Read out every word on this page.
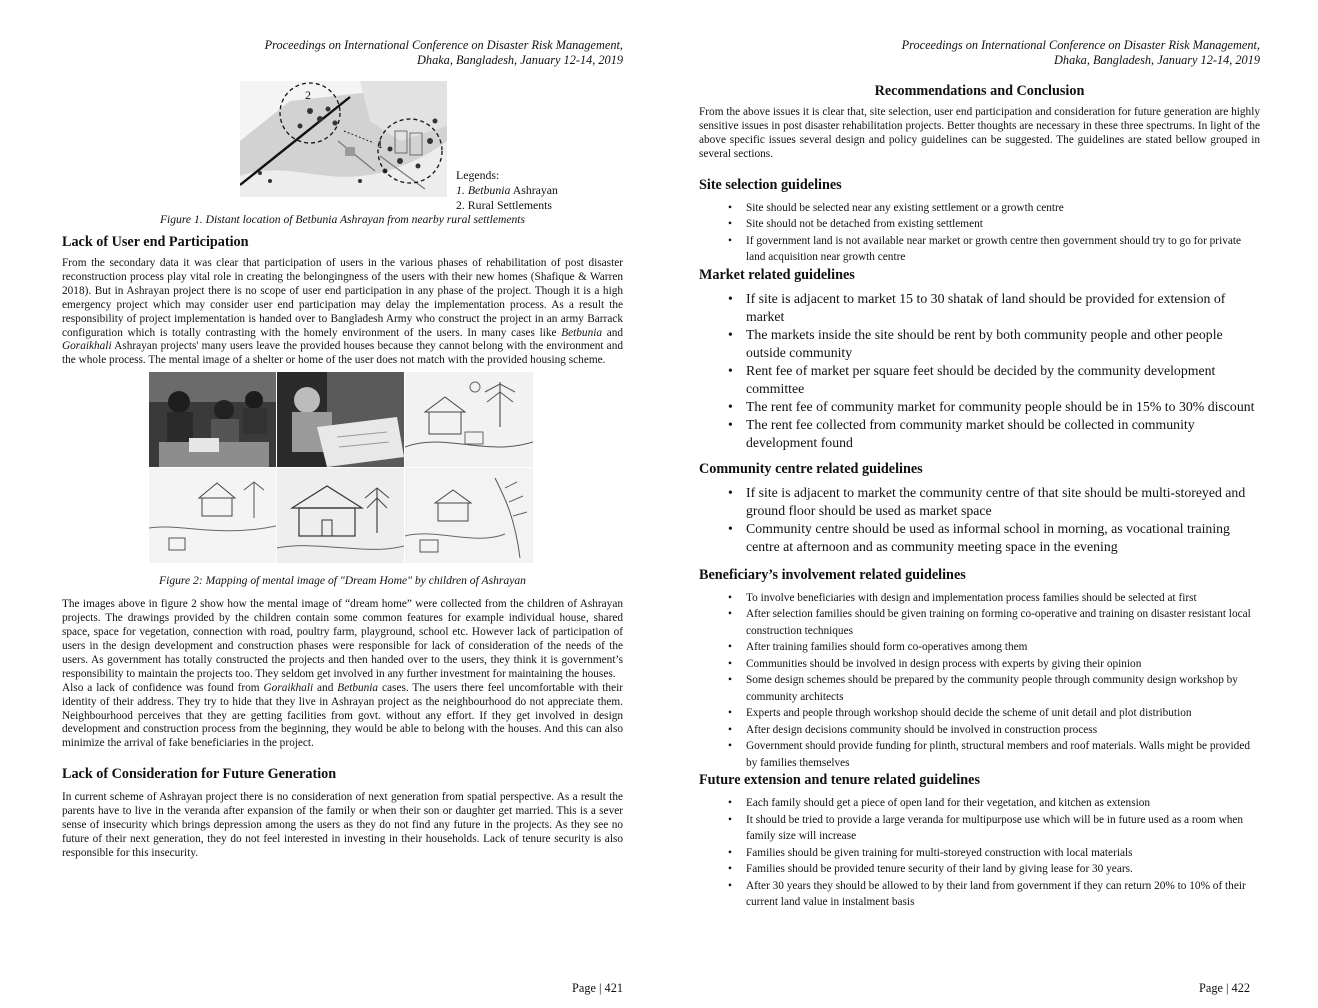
Proceedings on International Conference on Disaster Risk Management,
Dhaka, Bangladesh, January 12-14, 2019
2
1
Legends:
1. Betbunia Ashrayan
2. Rural Settlements
Figure 1. Distant location of Betbunia Ashrayan from nearby rural settlements
Lack of User end Participation

From the secondary data it was clear that participation of users in the various phases of rehabilitation of post disaster reconstruction process play vital role in creating the belongingness of the users with their new homes (Shafique & Warren 2018). But in Ashrayan project there is no scope of user end participation in any phase of the project. Though it is a high emergency project which may consider user end participation may delay the implementation process. As a result the responsibility of project implementation is handed over to Bangladesh Army who construct the project in an army Barrack configuration which is totally contrasting with the homely environment of the users. In many cases like Betbunia and Goraikhali Ashrayan projects' many users leave the provided houses because they cannot belong with the environment and the whole process. The mental image of a shelter or home of the user does not match with the provided housing scheme.

Figure 2: Mapping of mental image of "Dream Home" by children of Ashrayan

The images above in figure 2 show how the mental image of “dream home” were collected from the children of Ashrayan projects. The drawings provided by the children contain some common features for example individual house, shared space, space for vegetation, connection with road, poultry farm, playground, school etc. However lack of participation of users in the design development and construction phases were responsible for lack of consideration of the needs of the users. As government has totally constructed the projects and then handed over to the users, they think it is government’s responsibility to maintain the projects too. They seldom get involved in any further investment for maintaining the houses.

Also a lack of confidence was found from Goraikhali and Betbunia cases. The users there feel uncomfortable with their identity of their address. They try to hide that they live in Ashrayan project as the neighbourhood do not appreciate them. Neighbourhood perceives that they are getting facilities from govt. without any effort. If they get involved in design development and construction process from the beginning, they would be able to belong with the houses. And this can also minimize the arrival of fake beneficiaries in the project.

Lack of Consideration for Future Generation

In current scheme of Ashrayan project there is no consideration of next generation from spatial perspective. As a result the parents have to live in the veranda after expansion of the family or when their son or daughter get married. This is a sever sense of insecurity which brings depression among the users as they do not find any future in the projects. As they see no future of their next generation, they do not feel interested in investing in their households. Lack of tenure security is also responsible for this insecurity.

Page | 421
Proceedings on International Conference on Disaster Risk Management,
Dhaka, Bangladesh, January 12-14, 2019
Recommendations and Conclusion

From the above issues it is clear that, site selection, user end participation and consideration for future generation are highly sensitive issues in post disaster rehabilitation projects. Better thoughts are necessary in these three spectrums. In light of the above specific issues several design and policy guidelines can be suggested. The guidelines are stated bellow grouped in several sections.

Site selection guidelines
• Site should be selected near any existing settlement or a growth centre
• Site should not be detached from existing settlement
• If government land is not available near market or growth centre then government should try to go for private land acquisition near growth centre
Market related guidelines
• If site is adjacent to market 15 to 30 shatak of land should be provided for extension of market
• The markets inside the site should be rent by both community people and other people outside community
• Rent fee of market per square feet should be decided by the community development committee
• The rent fee of community market for community people should be in 15% to 30% discount
• The rent fee collected from community market should be collected in community development found
Community centre related guidelines
• If site is adjacent to market the community centre of that site should be multi-storeyed and ground floor should be used as market space
• Community centre should be used as informal school in morning, as vocational training centre at afternoon and as community meeting space in the evening
Beneficiary’s involvement related guidelines
• To involve beneficiaries with design and implementation process families should be selected at first
• After selection families should be given training on forming co-operative and training on disaster resistant local construction techniques
• After training families should form co-operatives among them
• Communities should be involved in design process with experts by giving their opinion
• Some design schemes should be prepared by the community people through community design workshop by community architects
• Experts and people through workshop should decide the scheme of unit detail and plot distribution
• After design decisions community should be involved in construction process
• Government should provide funding for plinth, structural members and roof materials. Walls might be provided by families themselves
Future extension and tenure related guidelines
• Each family should get a piece of open land for their vegetation, and kitchen as extension
• It should be tried to provide a large veranda for multipurpose use which will be in future used as a room when family size will increase
• Families should be given training for multi-storeyed construction with local materials
• Families should be provided tenure security of their land by giving lease for 30 years.
• After 30 years they should be allowed to by their land from government if they can return 20% to 10% of their current land value in instalment basis
Page | 422
